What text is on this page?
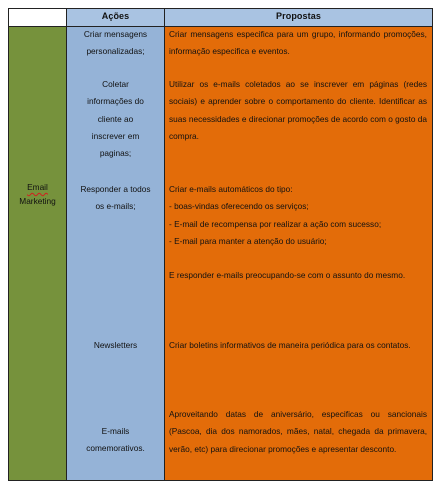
Ações	Propostas
Email
Marketing
Criar mensagens
personalizadas;
Coletar
informações do
cliente ao
inscrever em
paginas;
Responder a todos
os e-mails;
Newsletters
E-mails
comemorativos.

Criar mensagens especifica para um grupo, informando promoções, informação especifica e eventos.

Utilizar os e-mails coletados ao se inscrever em páginas (redes sociais) e aprender sobre o comportamento do cliente. Identificar as suas necessidades e direcionar promoções de acordo com o gosto da compra.

Criar e-mails automáticos do tipo:

- boas-vindas oferecendo os serviços;

- E-mail de recompensa por realizar a ação com sucesso;

- E-mail para manter a atenção do usuário;

E responder e-mails preocupando-se com o assunto do mesmo.

Criar boletins informativos de maneira periódica para os contatos.

Aproveitando datas de aniversário, especificas ou sancionais (Pascoa, dia dos namorados, mães, natal, chegada da primavera, verão, etc) para direcionar promoções e apresentar desconto.
